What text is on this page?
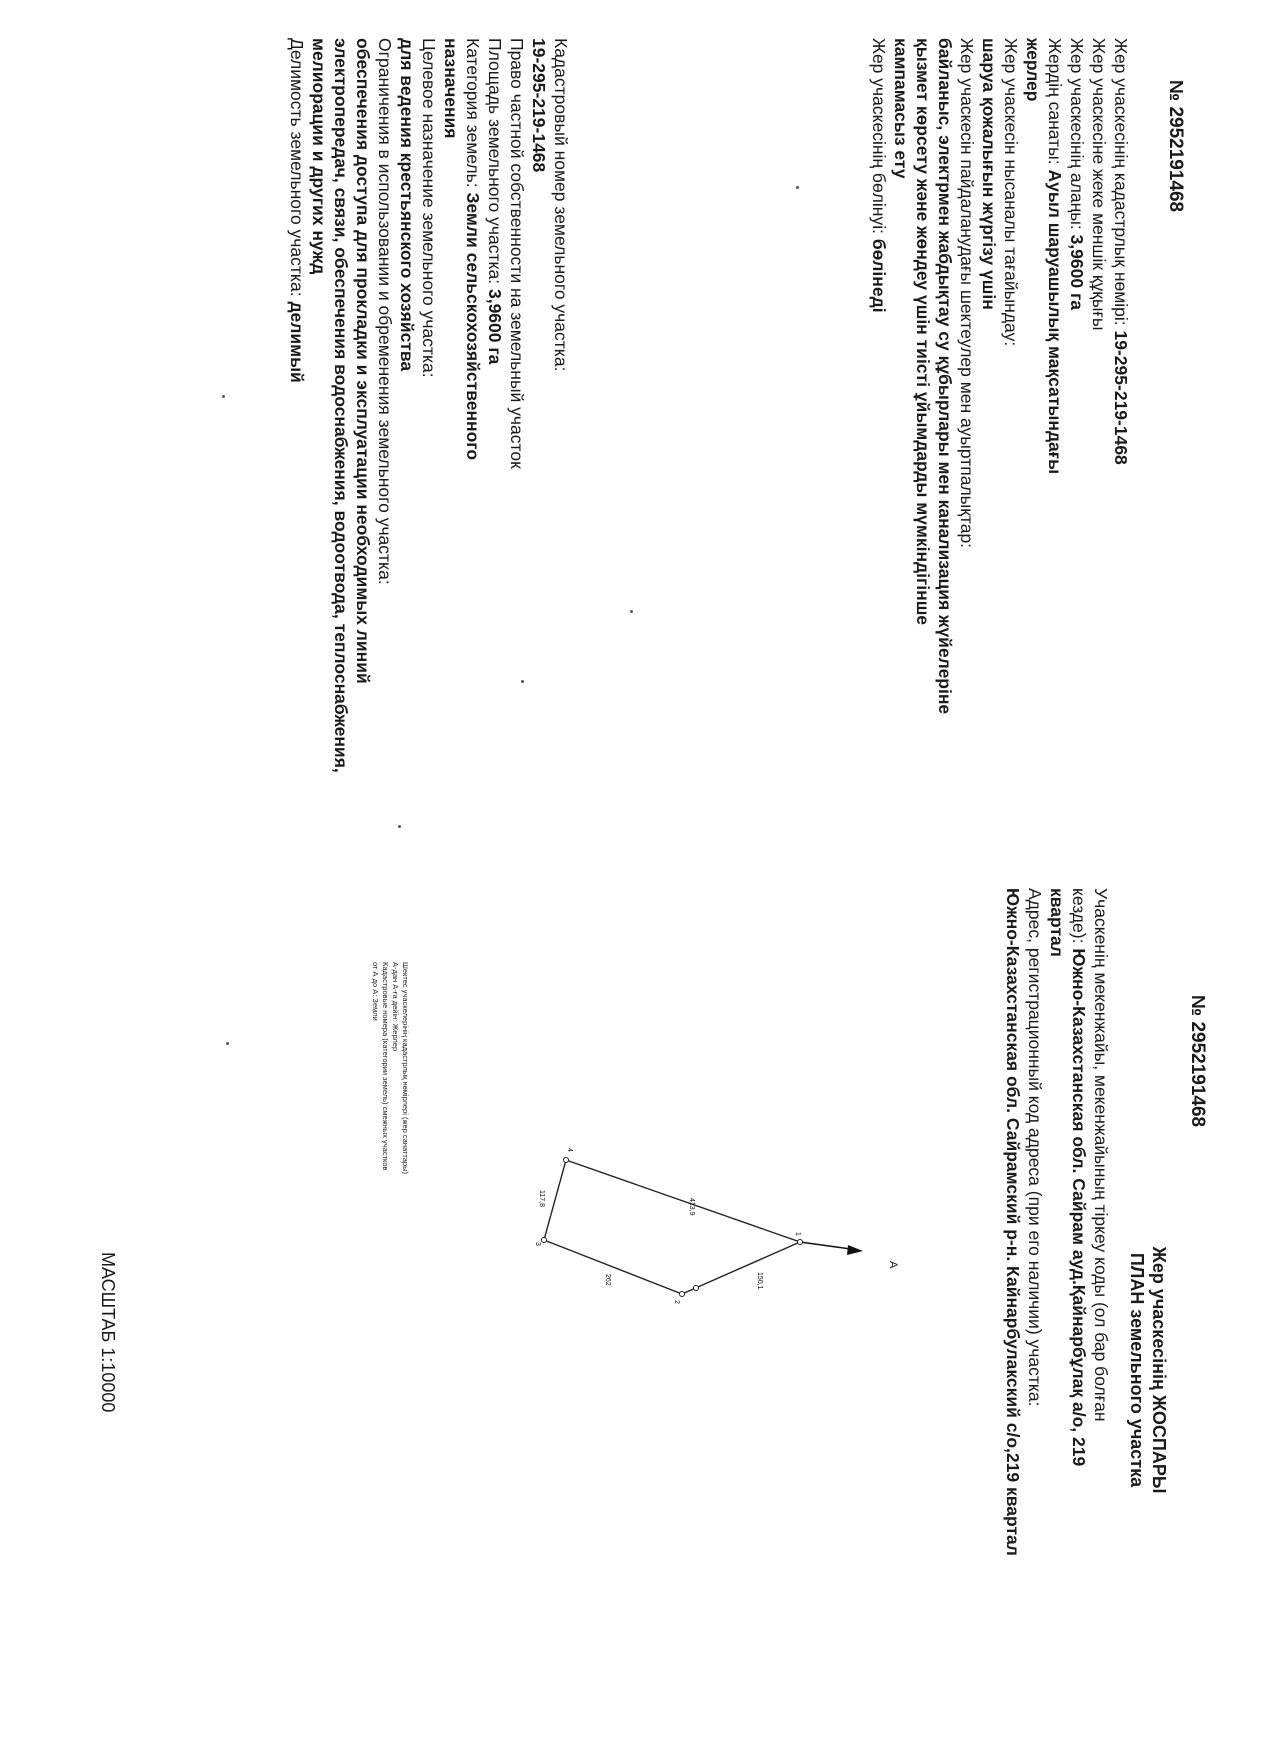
№ 2952191468
Жер учаскесінің кадастрлық нөмірі: 19-295-219-1468
Жер учаскесіне жеке меншік құқығы
Жер учаскесінің алаңы: 3,9600 га
Жердің санаты: Ауыл шаруашылық мақсатындағы
жерлер
Жер учаскесін нысаналы тағайындау:
шаруа қожалығын жүргізу үшін
Жер учаскесін пайдаланудағы шектеулер мен ауыртпалықтар:
байланыс, электрмен жабдықтау су құбырлары мен канализация жүйелеріне
қызмет көрсету және жөндеу үшін тиісті ұйымдарды мүмкіндігінше
кампамасыз ету
Жер учаскесінің бөлінуі: бөлінеді
Кадастровый номер земельного участка:
19-295-219-1468
Право частной собственности на земельный участок
Площадь земельного участка: 3,9600 га
Категория земель: Земли сельскохозяйственного
назначения
Целевое назначение земельного участка:
для ведения крестьянского хозяйства
Ограничения в использовании и обременения земельного участка:
обеспечения доступа для прокладки и эксплуатации необходимых линий
электропередач, связи, обеспечения водоснабжения, водоотвода, теплоснабжения,
мелиорации и других нужд
Делимость земельного участка: делимый
№ 2952191468
Жер учаскесінің ЖОСПАРЫ
ПЛАН земельного участка
Учаскенің мекенжайы, мекенжайының тіркеу коды (ол бар болған
кезде): Южно-Казахстанская обл. Сайрам ауд.Қайнарбұлақ а/о, 219
квартал
Адрес, регистрационный код адреса (при его наличии) участка:
Южно-Казахстанская обл. Сайрамский р-н. Кайнарбулакский с/о,219 квартал
Шектес учаскелерінің кадастрлық нөмірлері (жер санаттары)
А-дан А-ға дейін: Жерлер
Кадастровые номера (категории земель) смежных участков
от А до А: Земли
МАСШТАБ 1:10000	A
1
2
3
4
150,1
262
117,8	413,9
